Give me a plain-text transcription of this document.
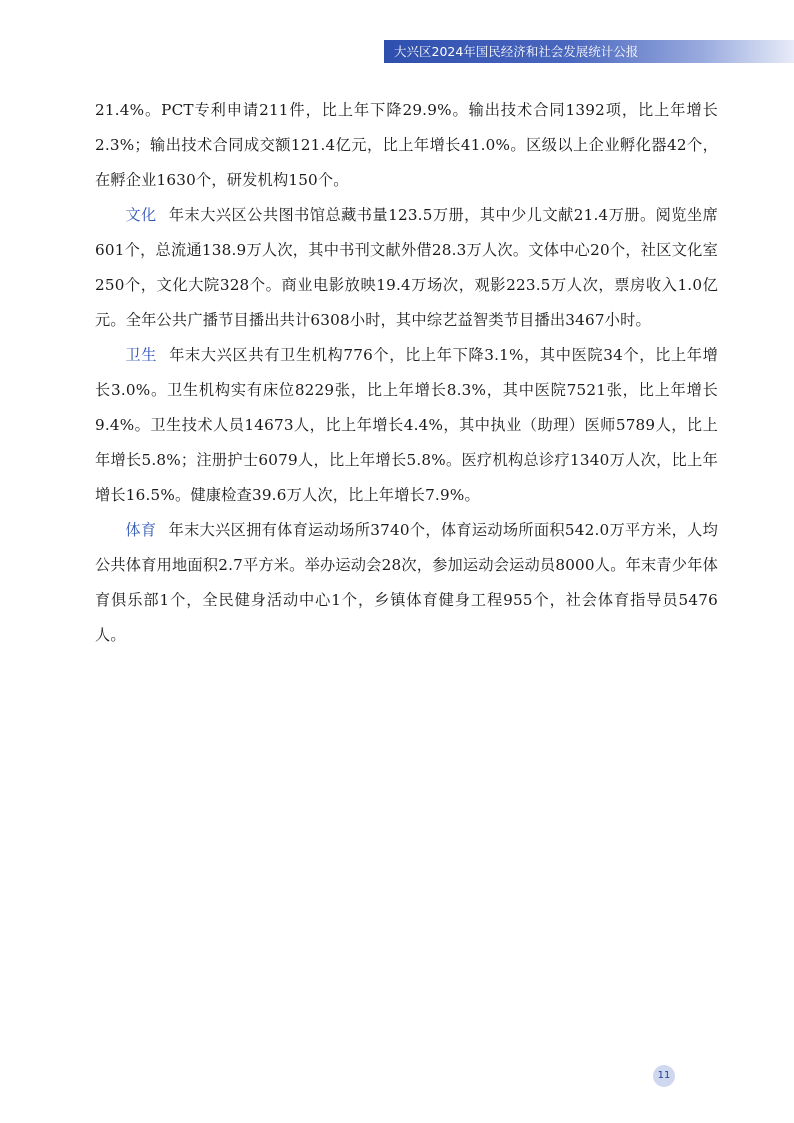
大兴区2024年国民经济和社会发展统计公报

21.4%。PCT专利申请211件，比上年下降29.9%。输出技术合同1392项，比上年增长2.3%；输出技术合同成交额121.4亿元，比上年增长41.0%。区级以上企业孵化器42个，在孵企业1630个，研发机构150个。

文化 年末大兴区公共图书馆总藏书量123.5万册，其中少儿文献21.4万册。阅览坐席601个，总流通138.9万人次，其中书刊文献外借28.3万人次。文体中心20个，社区文化室250个，文化大院328个。商业电影放映19.4万场次，观影223.5万人次，票房收入1.0亿元。全年公共广播节目播出共计6308小时，其中综艺益智类节目播出3467小时。

卫生 年末大兴区共有卫生机构776个，比上年下降3.1%，其中医院34个，比上年增长3.0%。卫生机构实有床位8229张，比上年增长8.3%，其中医院7521张，比上年增长9.4%。卫生技术人员14673人，比上年增长4.4%，其中执业（助理）医师5789人，比上年增长5.8%；注册护士6079人，比上年增长5.8%。医疗机构总诊疗1340万人次，比上年增长16.5%。健康检查39.6万人次，比上年增长7.9%。

体育 年末大兴区拥有体育运动场所3740个，体育运动场所面积542.0万平方米，人均公共体育用地面积2.7平方米。举办运动会28次，参加运动会运动员8000人。年末青少年体育俱乐部1个，全民健身活动中心1个，乡镇体育健身工程955个，社会体育指导员5476人。

11
